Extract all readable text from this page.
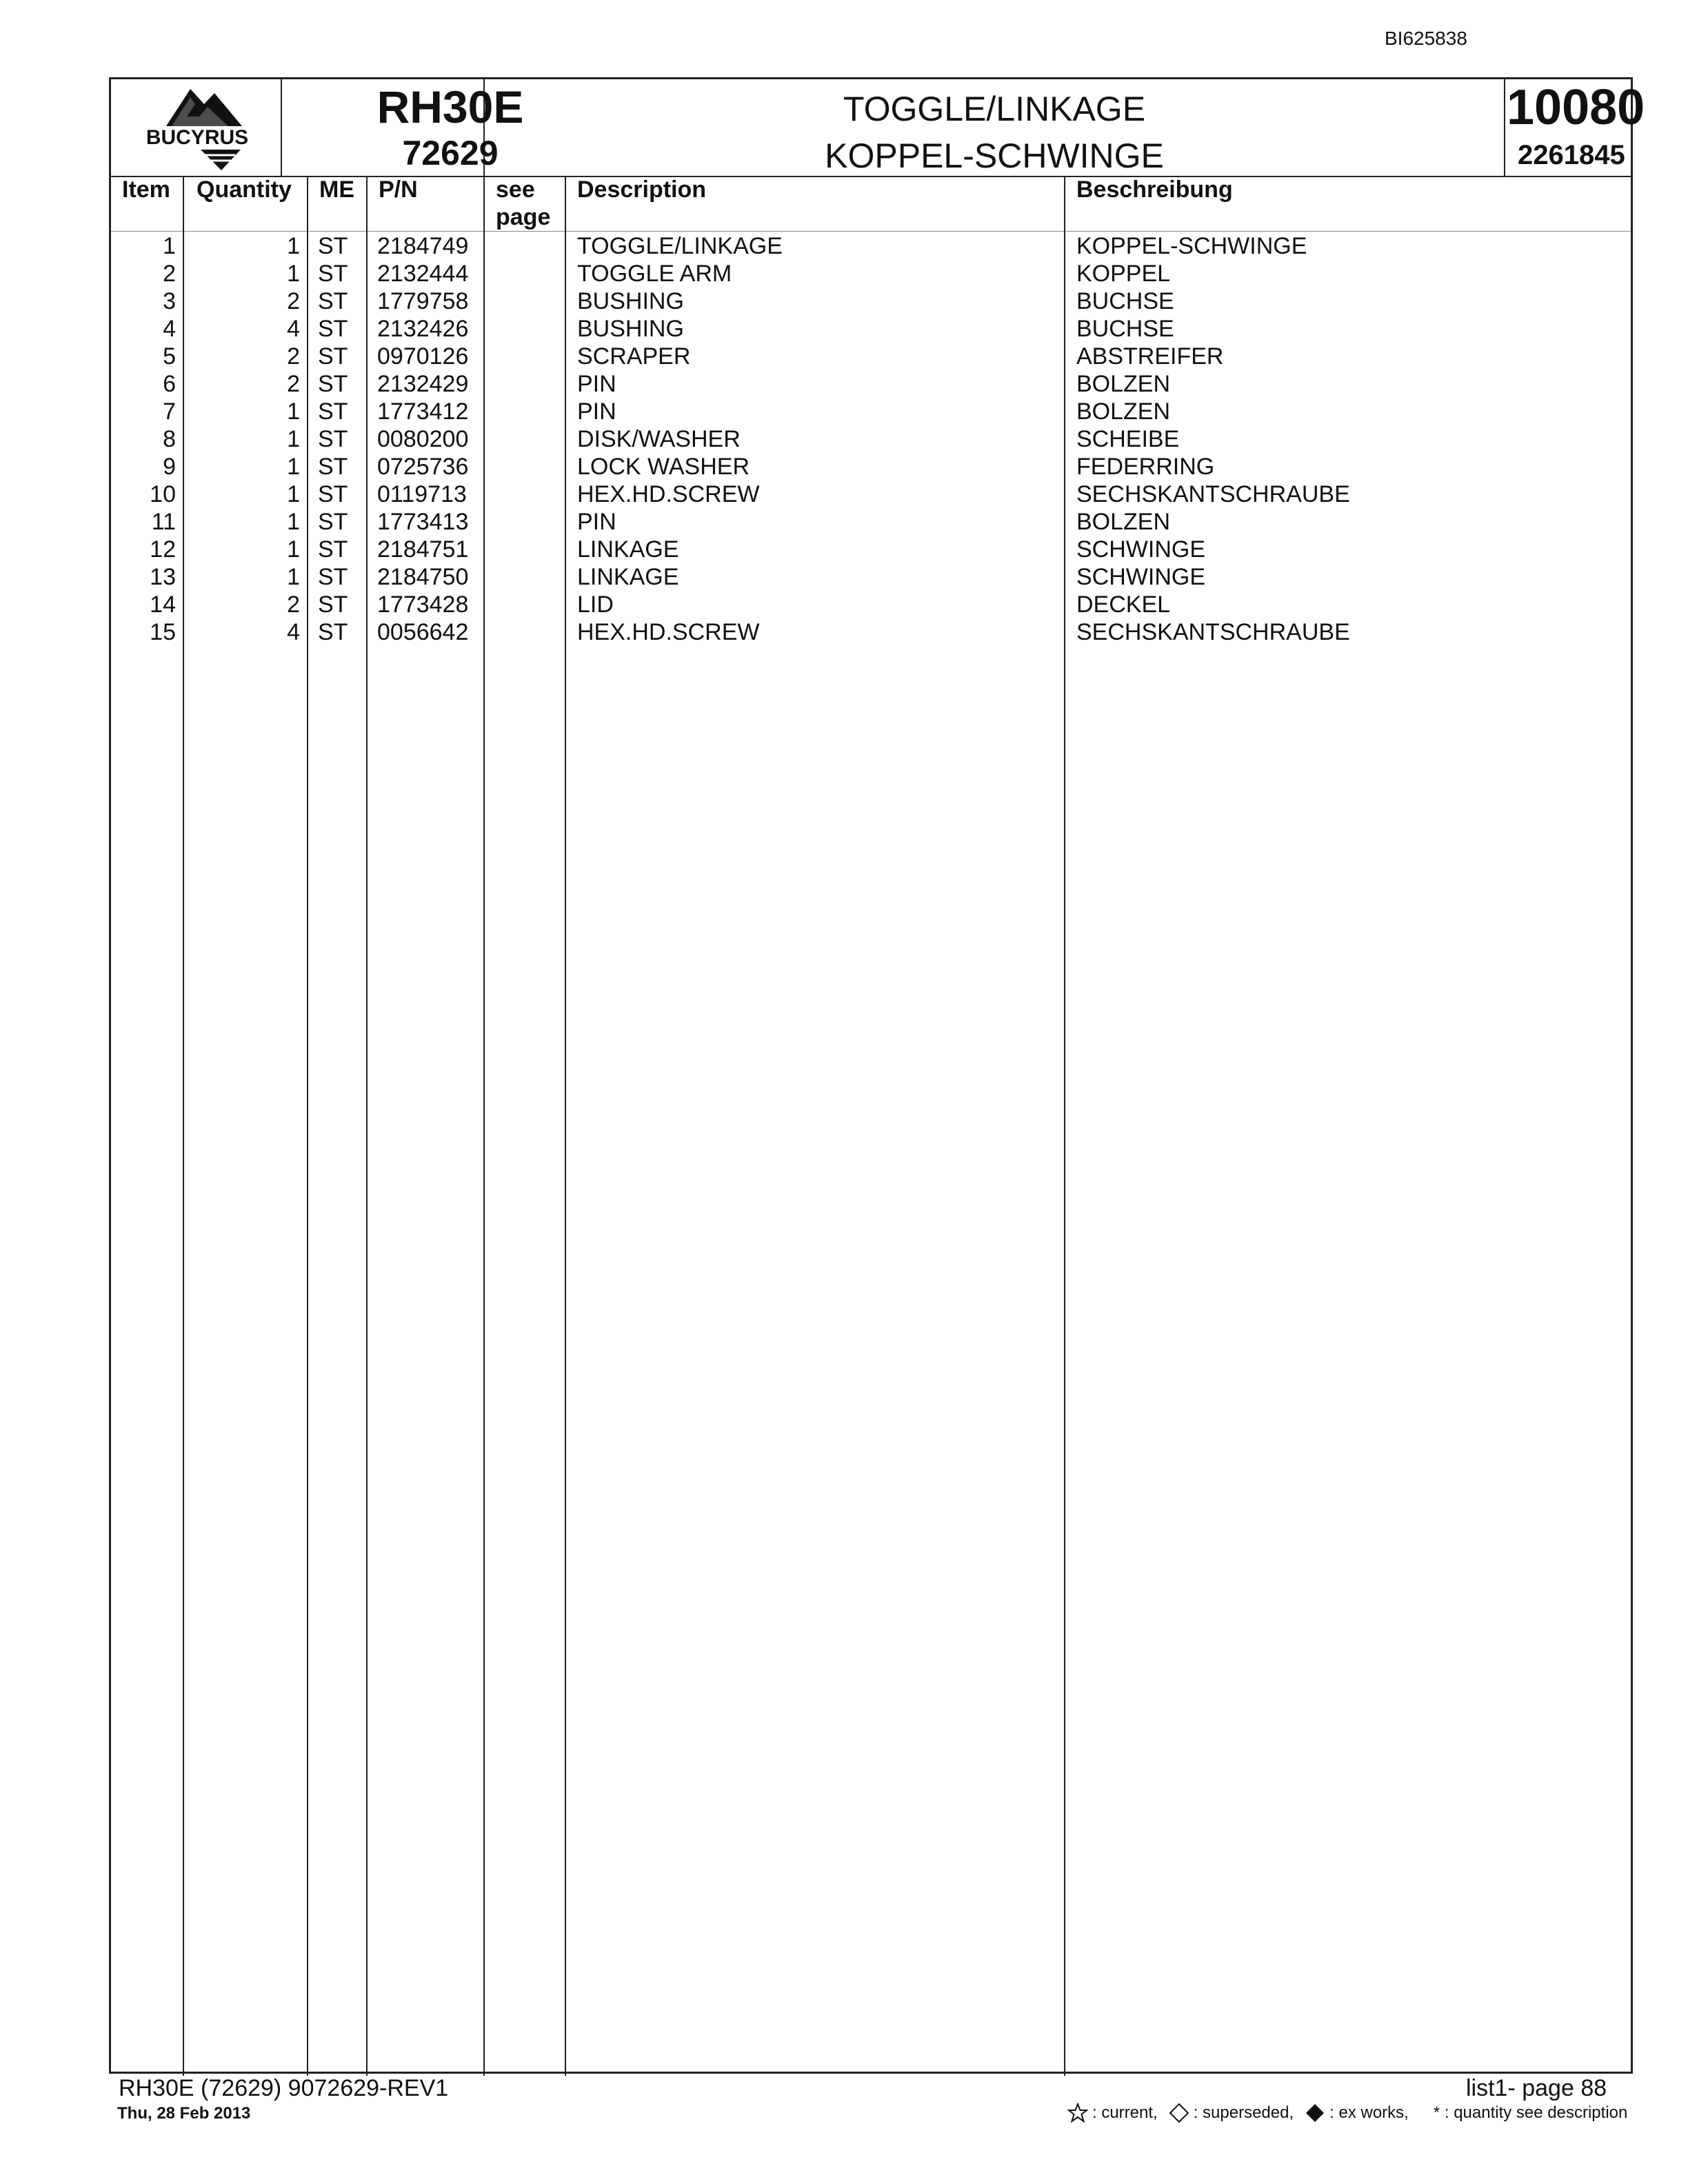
BI625838
BUCYRUS
RH30E
72629
TOGGLE/LINKAGE
KOPPEL-SCHWINGE
10080
2261845
Item Quantity ME P/N	see
page
Description	Beschreibung
1	1 ST 2184749	TOGGLE/LINKAGE	KOPPEL-SCHWINGE
2	1 ST 2132444	TOGGLE ARM	KOPPEL
3	2 ST 1779758	BUSHING	BUCHSE
4	4 ST 2132426	BUSHING	BUCHSE
5	2 ST 0970126	SCRAPER	ABSTREIFER
6	2 ST 2132429	PIN	BOLZEN
7	1 ST 1773412	PIN	BOLZEN
8	1 ST 0080200	DISK/WASHER	SCHEIBE
9	1 ST 0725736	LOCK WASHER	FEDERRING
10	1 ST 0119713	HEX.HD.SCREW	SECHSKANTSCHRAUBE
11	1 ST 1773413	PIN	BOLZEN
12	1 ST 2184751	LINKAGE	SCHWINGE
13	1 ST 2184750	LINKAGE	SCHWINGE
14	2 ST 1773428	LID	DECKEL
15	4 ST 0056642	HEX.HD.SCREW	SECHSKANTSCHRAUBE
RH30E (72629) 9072629-REV1	list1- page 88
Thu, 28 Feb 2013	: current, : superseded, : ex works, * : quantity see description
